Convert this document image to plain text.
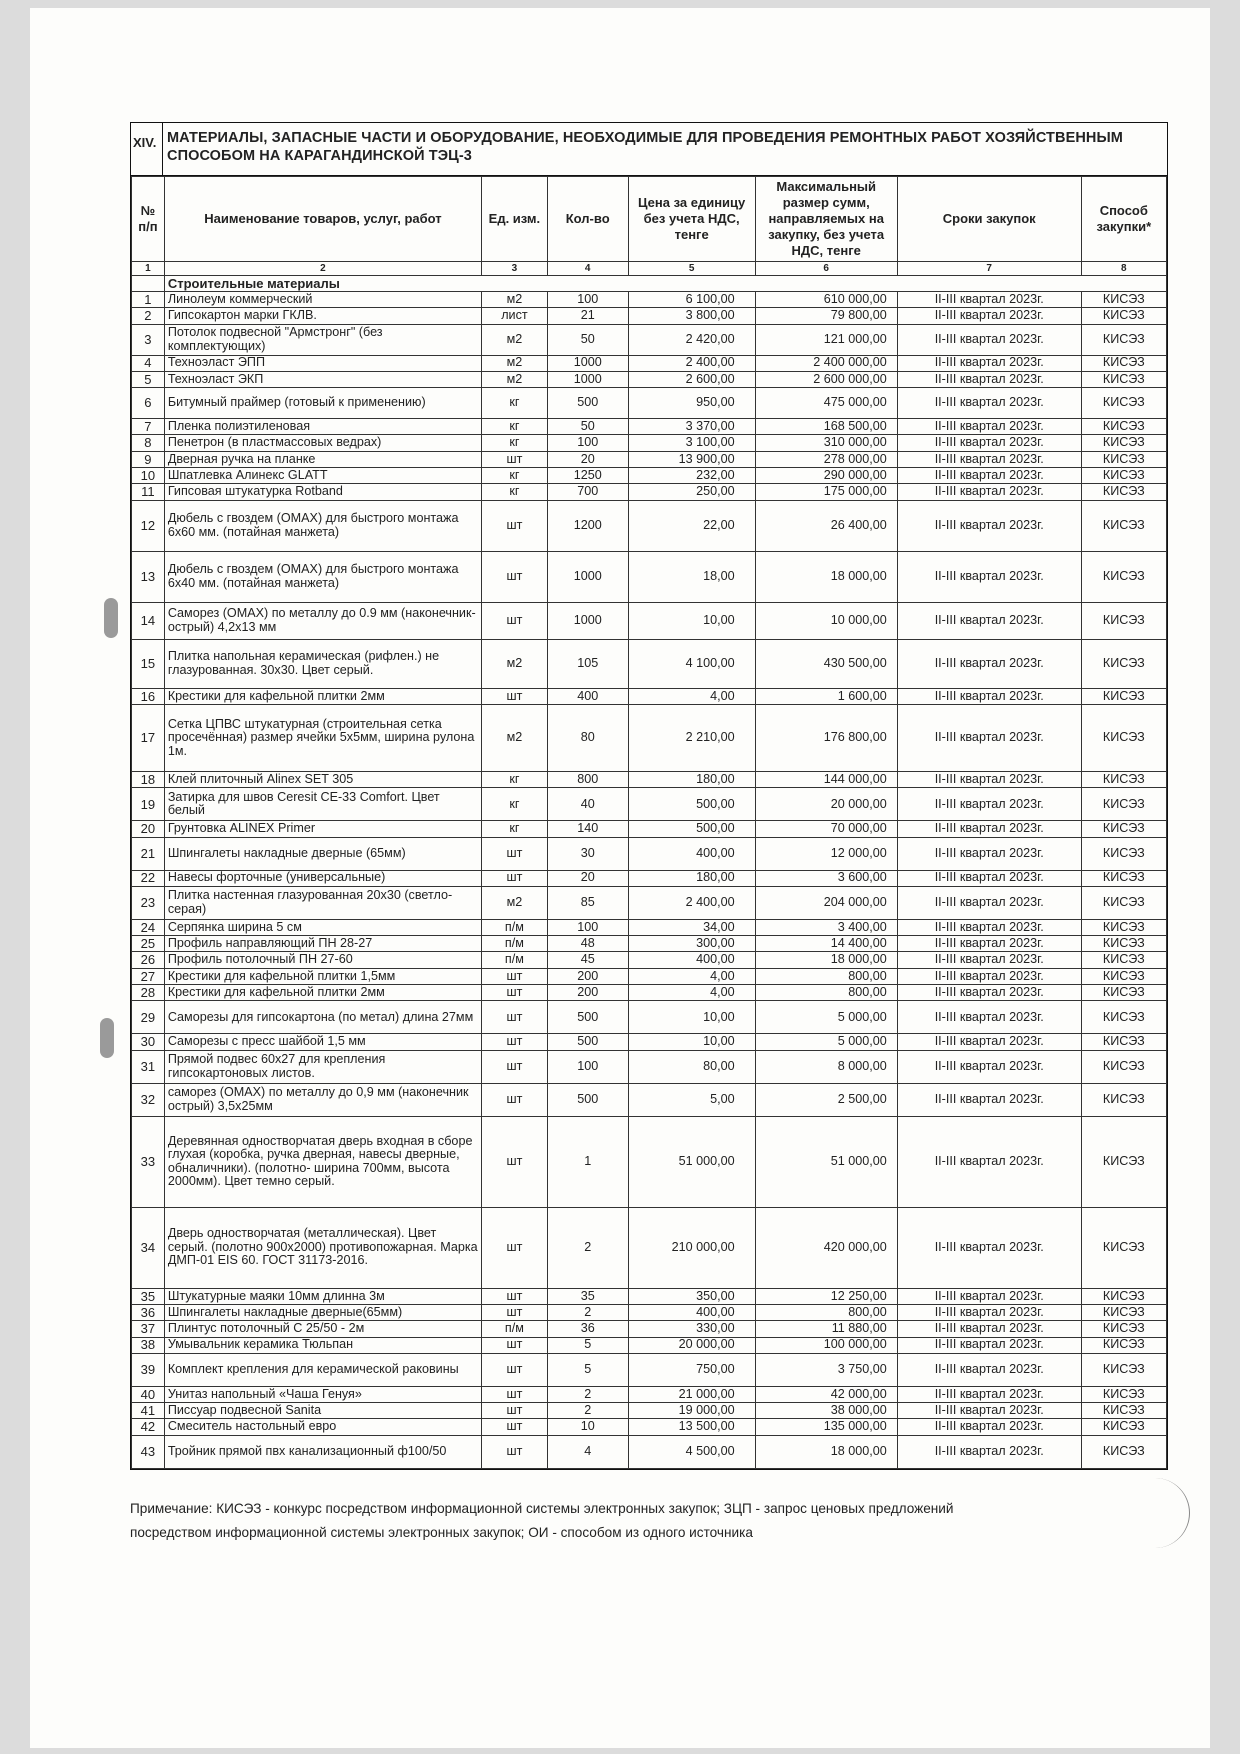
XIV. МАТЕРИАЛЫ, ЗАПАСНЫЕ ЧАСТИ И ОБОРУДОВАНИЕ, НЕОБХОДИМЫЕ ДЛЯ ПРОВЕДЕНИЯ РЕМОНТНЫХ РАБОТ ХОЗЯЙСТВЕННЫМ СПОСОБОМ НА КАРАГАНДИНСКОЙ ТЭЦ-3
№ п/п	Наименование товаров, услуг, работ	Ед. изм.	Кол-во	Цена за единицу без учета НДС, тенге	Максимальный размер сумм, направляемых на закупку, без учета НДС, тенге	Сроки закупок	Способ закупки*
1	2	3	4	5	6	7	8
	Строительные материалы						
1	Линолеум коммерческий	м2	100	6 100,00	610 000,00	II-III квартал 2023г.	КИСЭЗ
2	Гипсокартон марки ГКЛВ.	лист	21	3 800,00	79 800,00	II-III квартал 2023г.	КИСЭЗ
3	Потолок подвесной "Армстронг" (без комплектующих)	м2	50	2 420,00	121 000,00	II-III квартал 2023г.	КИСЭЗ
4	Техноэласт ЭПП	м2	1000	2 400,00	2 400 000,00	II-III квартал 2023г.	КИСЭЗ
5	Техноэласт ЭКП	м2	1000	2 600,00	2 600 000,00	II-III квартал 2023г.	КИСЭЗ
6	Битумный праймер (готовый к применению)	кг	500	950,00	475 000,00	II-III квартал 2023г.	КИСЭЗ
7	Пленка полиэтиленовая	кг	50	3 370,00	168 500,00	II-III квартал 2023г.	КИСЭЗ
8	Пенетрон (в пластмассовых ведрах)	кг	100	3 100,00	310 000,00	II-III квартал 2023г.	КИСЭЗ
9	Дверная ручка на планке	шт	20	13 900,00	278 000,00	II-III квартал 2023г.	КИСЭЗ
10	Шпатлевка Алинекс GLATT	кг	1250	232,00	290 000,00	II-III квартал 2023г.	КИСЭЗ
11	Гипсовая штукатурка Rotband	кг	700	250,00	175 000,00	II-III квартал 2023г.	КИСЭЗ
12	Дюбель с гвоздем (OMAX) для быстрого монтажа 6х60 мм. (потайная манжета)	шт	1200	22,00	26 400,00	II-III квартал 2023г.	КИСЭЗ
13	Дюбель с гвоздем (OMAX) для быстрого монтажа 6х40 мм. (потайная манжета)	шт	1000	18,00	18 000,00	II-III квартал 2023г.	КИСЭЗ
14	Саморез (OMAX) по металлу до 0.9 мм (наконечник- острый) 4,2х13 мм	шт	1000	10,00	10 000,00	II-III квартал 2023г.	КИСЭЗ
15	Плитка напольная керамическая (рифлен.) не глазурованная. 30х30. Цвет серый.	м2	105	4 100,00	430 500,00	II-III квартал 2023г.	КИСЭЗ
16	Крестики для кафельной плитки 2мм	шт	400	4,00	1 600,00	II-III квартал 2023г.	КИСЭЗ
17	Сетка ЦПВС штукатурная (строительная сетка просечённая) размер ячейки 5х5мм, ширина рулона 1м.	м2	80	2 210,00	176 800,00	II-III квартал 2023г.	КИСЭЗ
18	Клей плиточный Alinex SET 305	кг	800	180,00	144 000,00	II-III квартал 2023г.	КИСЭЗ
19	Затирка для швов Ceresit CE-33 Comfort. Цвет белый	кг	40	500,00	20 000,00	II-III квартал 2023г.	КИСЭЗ
20	Грунтовка ALINEX Primer	кг	140	500,00	70 000,00	II-III квартал 2023г.	КИСЭЗ
21	Шпингалеты накладные дверные (65мм)	шт	30	400,00	12 000,00	II-III квартал 2023г.	КИСЭЗ
22	Навесы форточные (универсальные)	шт	20	180,00	3 600,00	II-III квартал 2023г.	КИСЭЗ
23	Плитка настенная глазурованная 20х30 (светло-серая)	м2	85	2 400,00	204 000,00	II-III квартал 2023г.	КИСЭЗ
24	Серпянка ширина 5 см	п/м	100	34,00	3 400,00	II-III квартал 2023г.	КИСЭЗ
25	Профиль направляющий ПН 28-27	п/м	48	300,00	14 400,00	II-III квартал 2023г.	КИСЭЗ
26	Профиль потолочный ПН 27-60	п/м	45	400,00	18 000,00	II-III квартал 2023г.	КИСЭЗ
27	Крестики для кафельной плитки 1,5мм	шт	200	4,00	800,00	II-III квартал 2023г.	КИСЭЗ
28	Крестики для кафельной плитки 2мм	шт	200	4,00	800,00	II-III квартал 2023г.	КИСЭЗ
29	Саморезы для гипсокартона (по метал) длина 27мм	шт	500	10,00	5 000,00	II-III квартал 2023г.	КИСЭЗ
30	Саморезы с пресс шайбой 1,5 мм	шт	500	10,00	5 000,00	II-III квартал 2023г.	КИСЭЗ
31	Прямой подвес 60х27 для крепления гипсокартоновых листов.	шт	100	80,00	8 000,00	II-III квартал 2023г.	КИСЭЗ
32	саморез (OMAX) по металлу до 0,9 мм (наконечник острый) 3,5х25мм	шт	500	5,00	2 500,00	II-III квартал 2023г.	КИСЭЗ
33	Деревянная одностворчатая дверь входная в сборе глухая (коробка, ручка дверная, навесы дверные, обналичники). (полотно- ширина 700мм, высота 2000мм). Цвет темно серый.	шт	1	51 000,00	51 000,00	II-III квартал 2023г.	КИСЭЗ
34	Дверь одностворчатая (металлическая). Цвет серый. (полотно 900х2000) противопожарная. Марка ДМП-01 EIS 60. ГОСТ 31173-2016.	шт	2	210 000,00	420 000,00	II-III квартал 2023г.	КИСЭЗ
35	Штукатурные маяки 10мм длинна 3м	шт	35	350,00	12 250,00	II-III квартал 2023г.	КИСЭЗ
36	Шпингалеты накладные дверные(65мм)	шт	2	400,00	800,00	II-III квартал 2023г.	КИСЭЗ
37	Плинтус потолочный С 25/50 - 2м	п/м	36	330,00	11 880,00	II-III квартал 2023г.	КИСЭЗ
38	Умывальник керамика Тюльпан	шт	5	20 000,00	100 000,00	II-III квартал 2023г.	КИСЭЗ
39	Комплект крепления для керамической раковины	шт	5	750,00	3 750,00	II-III квартал 2023г.	КИСЭЗ
40	Унитаз напольный «Чаша Генуя»	шт	2	21 000,00	42 000,00	II-III квартал 2023г.	КИСЭЗ
41	Писсуар подвесной Sanita	шт	2	19 000,00	38 000,00	II-III квартал 2023г.	КИСЭЗ
42	Смеситель настольный евро	шт	10	13 500,00	135 000,00	II-III квартал 2023г.	КИСЭЗ
43	Тройник прямой пвх канализационный ф100/50	шт	4	4 500,00	18 000,00	II-III квартал 2023г.	КИСЭЗ
Примечание: КИСЭЗ - конкурс посредством информационной системы электронных закупок; ЗЦП - запрос ценовых предложений
посредством информационной системы электронных закупок; ОИ - способом из одного источника
